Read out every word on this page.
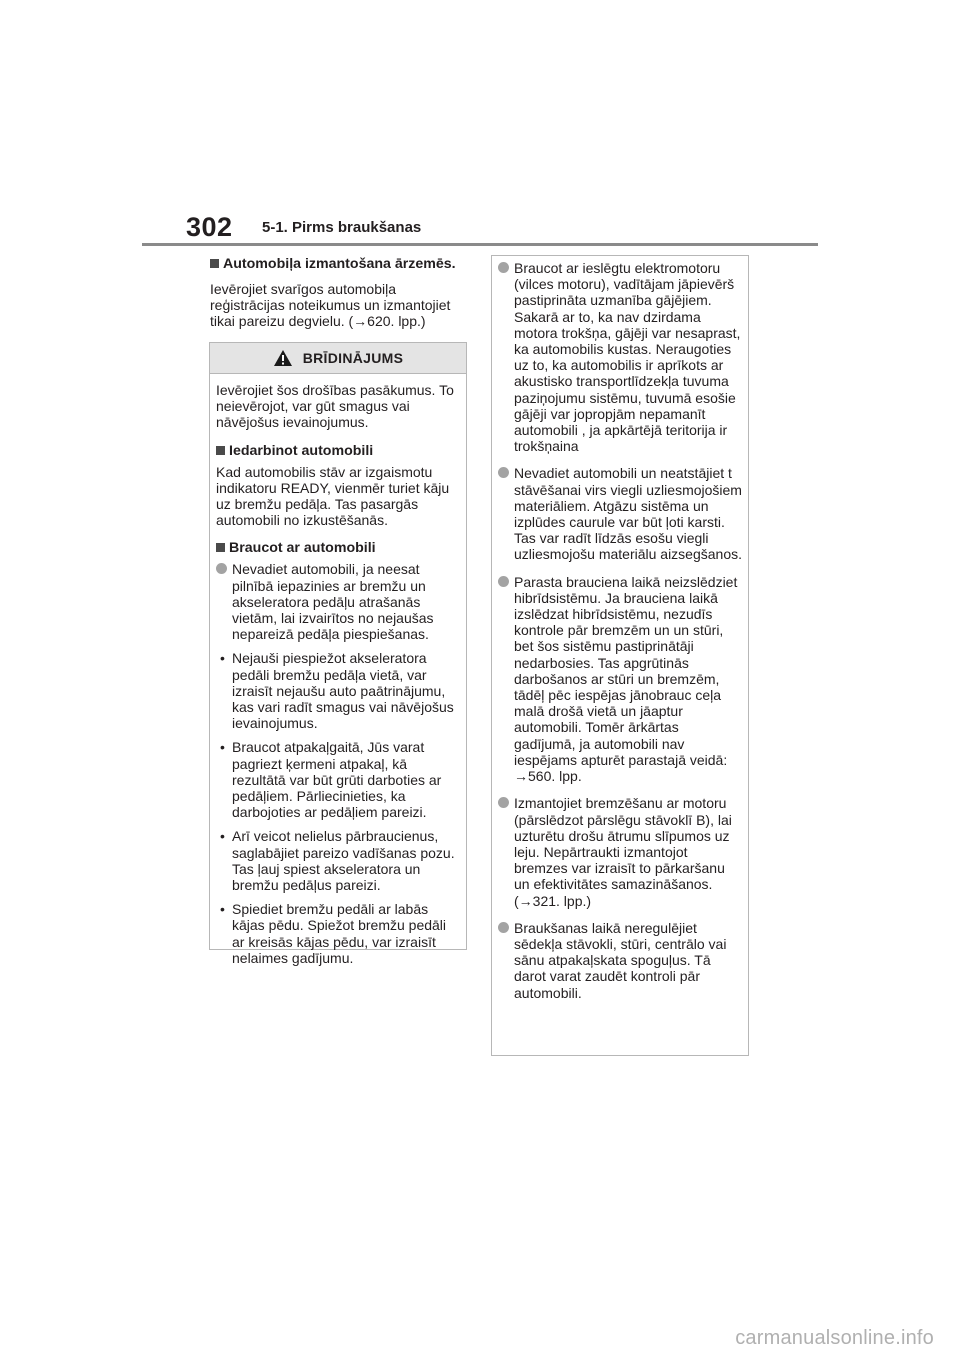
302 5-1. Pirms braukšanas

Automobiļa izmantošana ārzemēs.

Ievērojiet svarīgos automobiļa reģistrācijas noteikumus un izmantojiet tikai pareizu degvielu. (→620. lpp.)

BRĪDINĀJUMS

Ievērojiet šos drošības pasākumus. To neievērojot, var gūt smagus vai nāvējošus ievainojumus.

Iedarbinot automobili

Kad automobilis stāv ar izgaismotu indikatoru READY, vienmēr turiet kāju uz bremžu pedāļa. Tas pasargās automobili no izkustēšanās.

Braucot ar automobili

Nevadiet automobili, ja neesat pilnībā iepazinies ar bremžu un akseleratora pedāļu atrašanās vietām, lai izvairītos no nejaušas nepareizā pedāļa piespiešanas.
• Nejauši piespiežot akseleratora pedāli bremžu pedāļa vietā, var izraisīt nejaušu auto paātrinājumu, kas vari radīt smagus vai nāvējošus ievainojumus.
• Braucot atpakaļgaitā, Jūs varat pagriezt ķermeni atpakaļ, kā rezultātā var būt grūti darboties ar pedāļiem. Pārliecinieties, ka darbojoties ar pedāļiem pareizi.
• Arī veicot nelielus pārbraucienus, saglabājiet pareizo vadīšanas pozu. Tas ļauj spiest akseleratora un bremžu pedāļus pareizi.
• Spiediet bremžu pedāli ar labās kājas pēdu. Spiežot bremžu pedāli ar kreisās kājas pēdu, var izraisīt nelaimes gadījumu.
Braucot ar ieslēgtu elektromotoru (vilces motoru), vadītājam jāpievērš pastiprināta uzmanība gājējiem. Sakarā ar to, ka nav dzirdama motora trokšņa, gājēji var nesaprast, ka automobilis kustas. Neraugoties uz to, ka automobilis ir aprīkots ar akustisko transportlīdzekļa tuvuma paziņojumu sistēmu, tuvumā esošie gājēji var jopropjām nepamanīt automobili , ja apkārtējā teritorija ir trokšņaina
Nevadiet automobili un neatstājiet t stāvēšanai virs viegli uzliesmojošiem materiāliem. Atgāzu sistēma un izplūdes caurule var būt ļoti karsti. Tas var radīt līdzās esošu viegli uzliesmojošu materiālu aizsegšanos.
Parasta brauciena laikā neizslēdziet hibrīdsistēmu. Ja brauciena laikā izslēdzat hibrīdsistēmu, nezudīs kontrole pār bremzēm un un stūri, bet šos sistēmu pastiprinātāji nedarbosies. Tas apgrūtinās darbošanos ar stūri un bremzēm, tādēļ pēc iespējas jānobrauc ceļa malā drošā vietā un jāaptur automobili. Tomēr ārkārtas gadījumā, ja automobili nav iespējams apturēt parastajā veidā: →560. lpp.
Izmantojiet bremzēšanu ar motoru (pārslēdzot pārslēgu stāvoklī B), lai uzturētu drošu ātrumu slīpumos uz leju. Nepārtraukti izmantojot bremzes var izraisīt to pārkaršanu un efektivitātes samazināšanos. (→321. lpp.)
Braukšanas laikā neregulējiet sēdekļa stāvokli, stūri, centrālo vai sānu atpakaļskata spoguļus. Tā darot varat zaudēt kontroli pār automobili.
carmanualsonline.info
